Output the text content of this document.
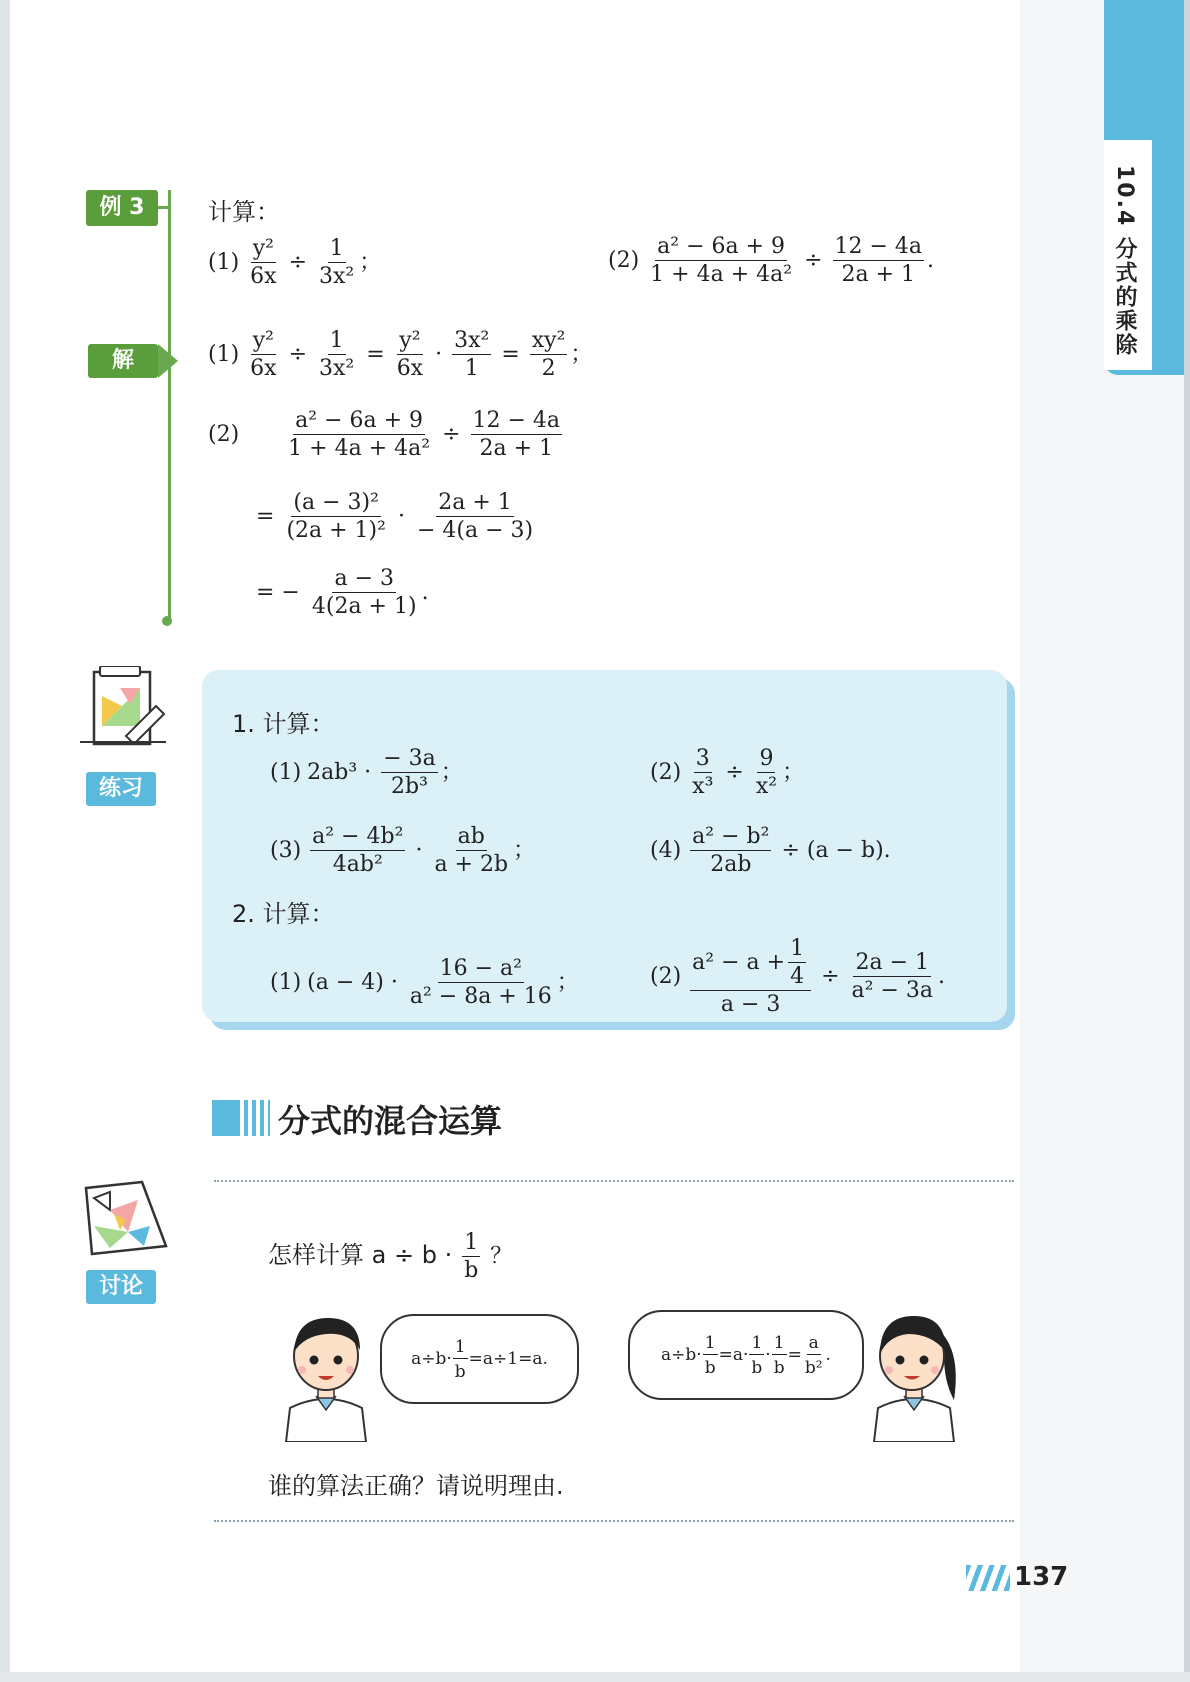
10.4 分式的乘除
例 3	计算：
$(1) \frac{\text{y²}}{6x} \div \frac{1}{\text{3x²}}$ ；	$(2) \frac{\text{a² − 6a + 9}}{\text{1 + 4a + 4a²}} \div \frac{12 - 4a}{2a + 1}$ .
解	$(1) \frac{\text{y²}}{6x} \div \frac{1}{\text{3x²}} = \frac{\text{y²}}{6x} \cdot \frac{\text{3x²}}{1} = \frac{\text{xy²}}{2}$ ；
$(2) \frac{\text{a² − 6a + 9}}{\text{1 + 4a + 4a²}} \div \frac{12 - 4a}{2a + 1}$
= $\frac{\text{(a − 3)²}}{\text{(2a + 1)²}} \cdot \frac{2a + 1}{- 4(a - 3)}$
= − $\frac{a - 3}{4(2a + 1)}$ .
练习
1. 计算：
(1) $2ab^3 \cdot \frac{- 3a}{\text{2b³}}$ ；	$(2) \frac{3}{\text{x³}} \div \frac{9}{\text{x²}}$ ；
$(3) \frac{\text{a² − 4b²}}{\text{4ab²}} \cdot \frac{ab}{a + 2b}$ ；	$(4) \frac{\text{a² − b²}}{2ab} \div (a - b)$.
2. 计算：
(1) $(a - 4) \cdot \frac{\text{16 − a²}}{\text{a² − 8a + 16}}$ ；	$(2) \frac{a^2 - a + \frac{1}{4}}{a - 3} \div \frac{2a - 1}{\text{a² − 3a}}$ .
分式的混合运算
讨论
怎样计算 $a \div b \cdot \frac{1}{b}$ ？
$a\div b\cdot \frac{1}{b} =a\div 1=a$.	$a\div b\cdot \frac{1}{b} =a\cdot \frac{1}{b} \cdot \frac{1}{b} = \frac{a}{\text{b²}}$ .
谁的算法正确？请说明理由.
137
